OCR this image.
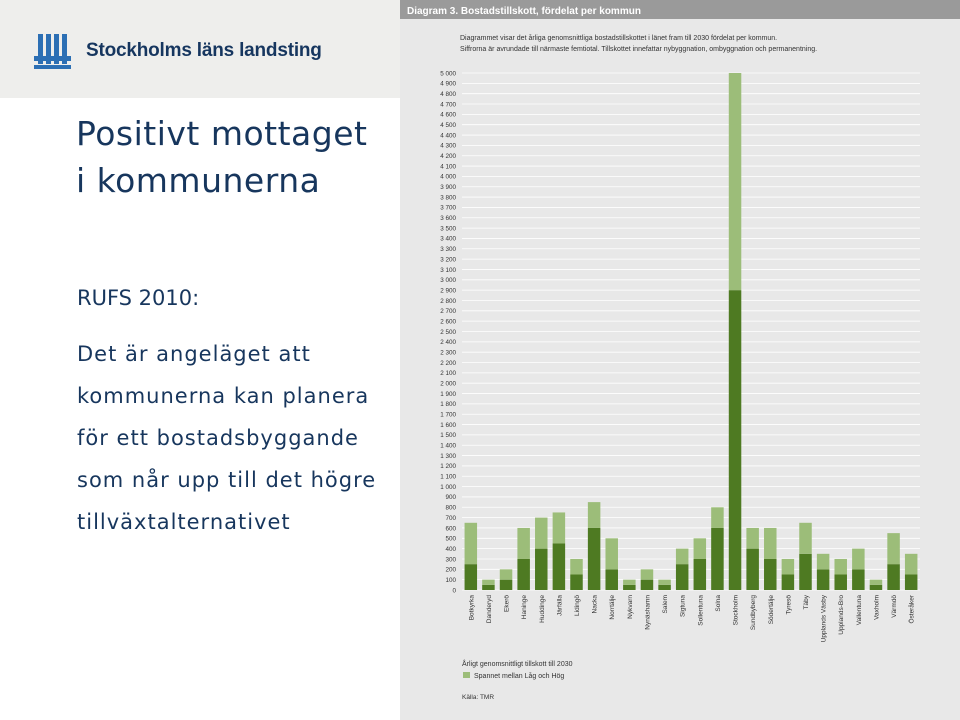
Stockholms läns landsting
Positivt mottaget i kommunerna

RUFS 2010:

Det är angeläget att kommunerna kan planera för ett bostadsbyggande som når upp till det högre tillväxtalternativet

Diagram 3. Bostadstillskott, fördelat per kommun
Diagrammet visar det årliga genomsnittliga bostadstillskottet i länet fram till 2030 fördelat per kommun.
Siffrorna är avrundade till närmaste femtiotal. Tillskottet innefattar nybyggnation, ombyggnation och permanentning.
0
100
200
300
400
500
600
700
800
900
1 000
1 100
1 200
1 300
1 400
1 500
1 600
1 700
1 800
1 900
2 000
2 100
2 200
2 300
2 400
2 500
2 600
2 700
2 800
2 900
3 000
3 100
3 200
3 300
3 400
3 500
3 600
3 700
3 800
3 900
4 000
4 100
4 200
4 300
4 400
4 500
4 600
4 700
4 800
4 900
5 000
Botkyrka Danderyd Ekerö Haninge Huddinge Järfälla Lidingö Nacka Norrtälje Nykvarn Nynäshamn Salem Sigtuna Sollentuna Solna Stockholm Sundbyberg Södertälje Tyresö Täby Upplands Väsby Upplands-Bro Vallentuna Vaxholm Värmdö Österåker
Årligt genomsnittligt tillskott till 2030
Spannet mellan Låg och Hög
Källa: TMR
